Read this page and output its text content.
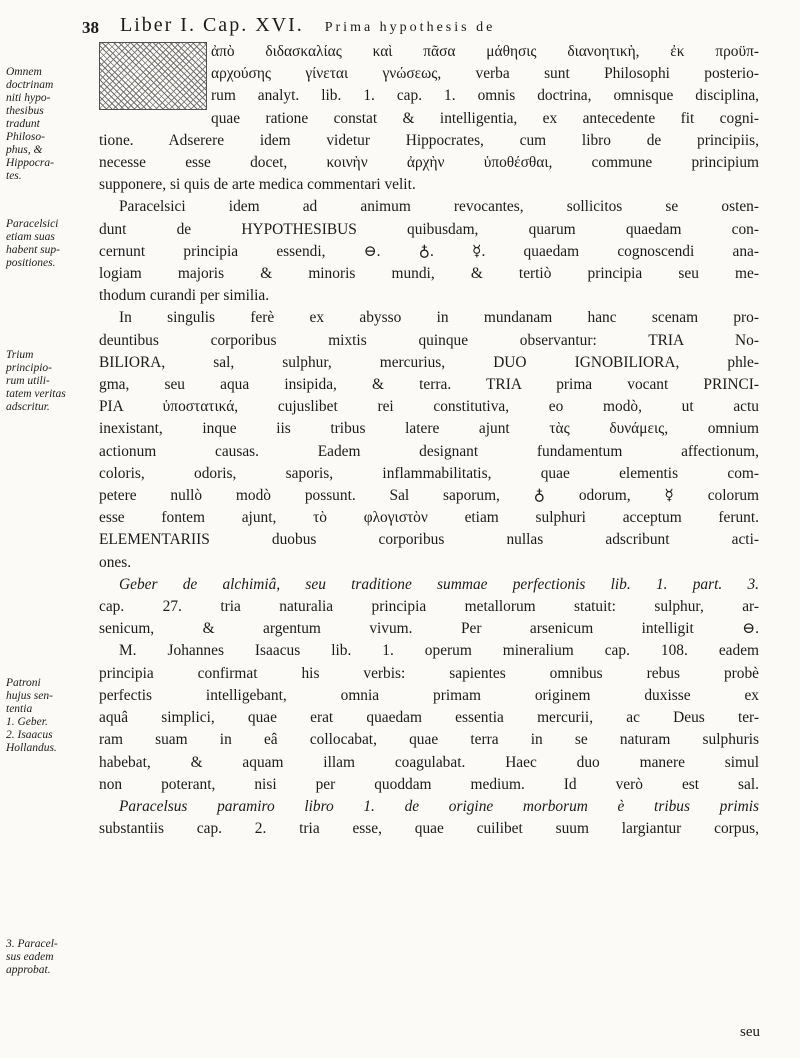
38	Liber I. Cap. XVI. Prima hypothesis de
Omnem
doctrinam
niti hypo-
thesibus
tradunt
Philoso-
phus, &
Hippocra-
tes.
Paracelsici
etiam suas
habent sup-
positiones.
Trium
principio-
rum utili-
tatem veritas
adscritur.
Patroni
hujus sen-
tentia
1. Geber.
2. Isaacus
Hollandus.
3. Paracel-
sus eadem
approbat.
ἀπὸ διδασκαλίας καὶ πᾶσα μάθησις διανοητικὴ, ἐκ προϋπ-
αρχούσης γίνεται γνώσεως, verba sunt Philosophi posterio-
rum analyt. lib. 1. cap. 1. omnis doctrina, omnisque disciplina,
quae ratione constat & intelligentia, ex antecedente fit cogni-
tione. Adserere idem videtur Hippocrates, cum libro de principiis,
necesse esse docet, κοινὴν ἀρχὴν ὑποθέσθαι, commune principium
supponere, si quis de arte medica commentari velit.
Paracelsici idem ad animum revocantes, sollicitos se osten-
dunt de HYPOTHESIBUS quibusdam, quarum quaedam con-
cernunt principia essendi, ⊖. ♁. ☿. quaedam cognoscendi ana-
logiam majoris & minoris mundi, & tertiò principia seu me-
thodum curandi per similia.
In singulis ferè ex abysso in mundanam hanc scenam pro-
deuntibus corporibus mixtis quinque observantur: TRIA No-
BILIORA, sal, sulphur, mercurius, DUO IGNOBILIORA, phle-
gma, seu aqua insipida, & terra. TRIA prima vocant PRINCI-
PIA ὑποστατικά, cujuslibet rei constitutiva, eo modò, ut actu
inexistant, inque iis tribus latere ajunt τὰς δυνάμεις, omnium
actionum causas. Eadem designant fundamentum affectionum,
coloris, odoris, saporis, inflammabilitatis, quae elementis com-
petere nullò modò possunt. Sal saporum, ♁ odorum, ☿ colorum
esse fontem ajunt, τὸ φλογιστὸν etiam sulphuri acceptum ferunt.
ELEMENTARIIS duobus corporibus nullas adscribunt acti-
ones.
Geber de alchimiâ, seu traditione summae perfectionis lib. 1. part. 3.
cap. 27. tria naturalia principia metallorum statuit: sulphur, ar-
senicum, & argentum vivum. Per arsenicum intelligit ⊖.
M. Johannes Isaacus lib. 1. operum mineralium cap. 108. eadem
principia confirmat his verbis: sapientes omnibus rebus probè
perfectis intelligebant, omnia primam originem duxisse ex
aquâ simplici, quae erat quaedam essentia mercurii, ac Deus ter-
ram suam in eâ collocabat, quae terra in se naturam sulphuris
habebat, & aquam illam coagulabat. Haec duo manere simul
non poterant, nisi per quoddam medium. Id verò est sal.
Paracelsus paramiro libro 1. de origine morborum è tribus primis
substantiis cap. 2. tria esse, quae cuilibet suum largiantur corpus,
seu
